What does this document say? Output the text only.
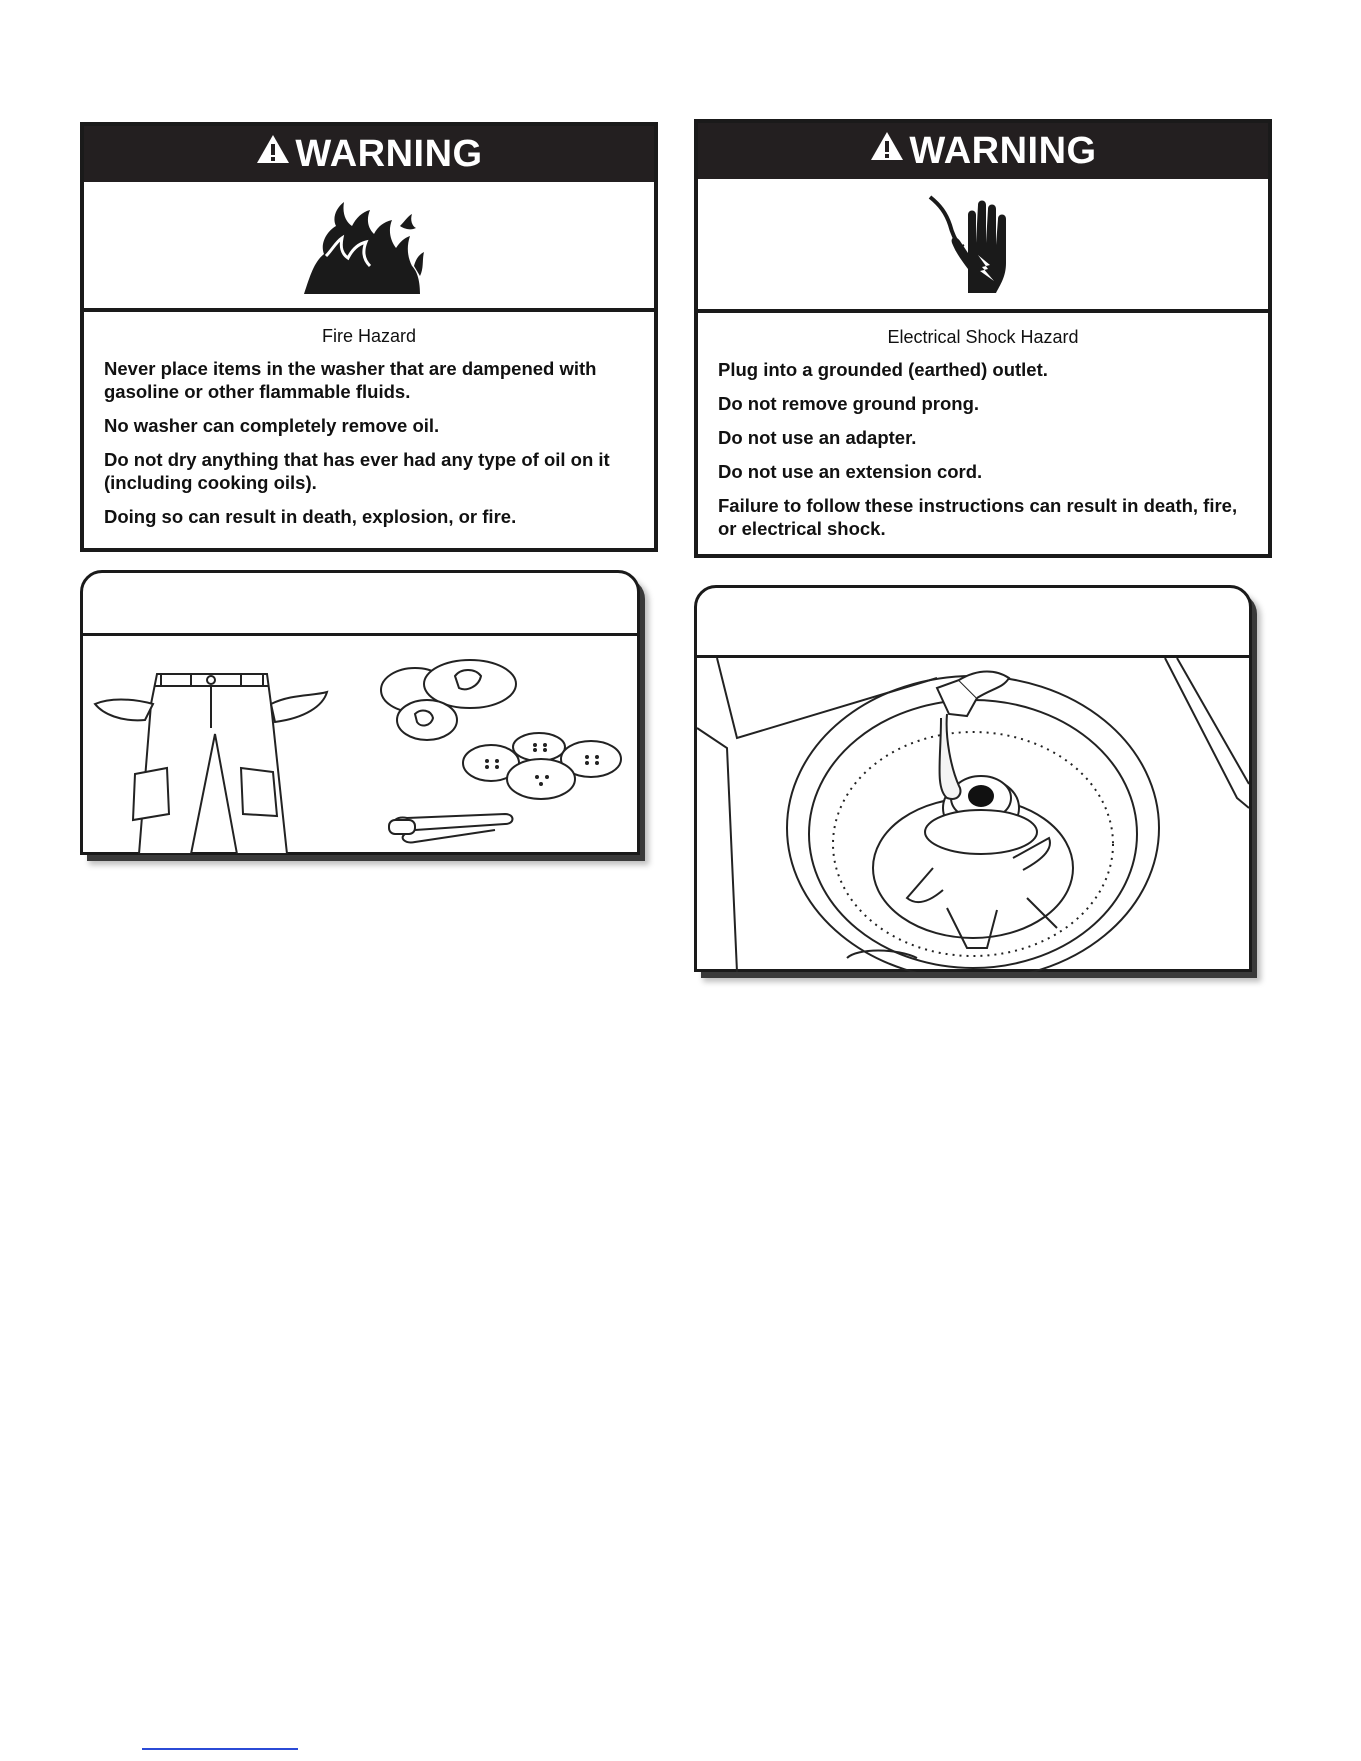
WARNING
Fire Hazard

Never place items in the washer that are dampened with gasoline or other flammable fluids.

No washer can completely remove oil.

Do not dry anything that has ever had any type of oil on it (including cooking oils).

Doing so can result in death, explosion, or fire.

WARNING
Electrical Shock Hazard

Plug into a grounded (earthed) outlet.

Do not remove ground prong.

Do not use an adapter.

Do not use an extension cord.

Failure to follow these instructions can result in death, fire, or electrical shock.
